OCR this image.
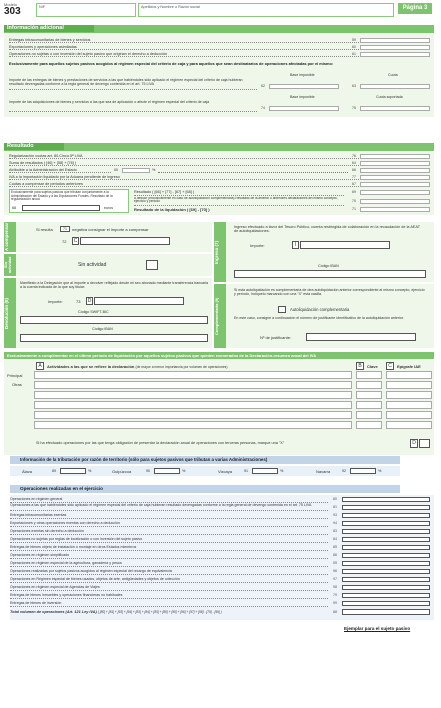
Modelo
303	NIF	Apellidos y Nombre o Razón social	Página 3
Información adicional
Entregas intracomunitarias de bienes y servicios	59
Exportaciones y operaciones asimiladas	60
Operaciones no sujetas o con inversión del sujeto pasivo que originan el derecho a deducción	61
Exclusivamente para aquellos sujetos pasivos acogidos al régimen especial del criterio de caja y para aquellos que sean destinatarios de operaciones afectadas por el mismo:
Base imponible	Cuota
Importe de las entregas de bienes y prestaciones de servicios a las que habiéndoles sido aplicado el régimen especial del criterio de caja hubieran resultado devengadas conforme a la regla general de devengo contenida en el art. 75 LIVA	62	63
Base imponible	Cuota soportada
Importe de las adquisiciones de bienes y servicios a las que sea de aplicación o afecte el régimen especial del criterio de caja
74	75
Resultado
Regularización cuotas art. 80.Cinco.5ª LIVA	76
Suma de resultados ( [46] + [58] + [76] )	64
Atribuible a la Administración del Estado	65	%	66
IVA a la importación liquidado por la Aduana pendiente de ingreso	77
Cuotas a compensar de periodos anteriores	67
Exclusivamente para sujetos pasivos que tributan conjuntamente a la Administración del Estado y a las Diputaciones Forales. Resultado de la regularización anual.
68	euros
Resultado ( [66] + [77] - [67] + [68] )	69
A deducir (exclusivamente en caso de autoliquidación complementaria) Resultado de la anterior o anteriores declaraciones del mismo concepto, ejercicio y período	70
Resultado de la liquidación ( [69] - [70] )	71
A compensar	Si resulta	71	negativa consignar el importe a compensar
72	C
Sin actividad	Sin actividad
Devolución (8)
Manifiesto a la Delegación que al importe a devolver reflejado desde mi seo abonado mediante transferencia bancaria a la cuenta indicada de la que soy titular:
Importe:	73	D
Código SWIFT-BIC
Código IBAN
Ingreso (7)
Ingreso efectuado a favor del Tesoro Público, cuenta restringida de colaboración en la recaudación de la AEAT de autoliquidaciones.
Importe:	I
Código IBAN
Complementaria (9)
Si esta autoliquidación es complementaria de otra autoliquidación anterior correspondiente al mismo concepto, ejercicio y período, indíquelo marcando con una "X" esta casilla.
Autoliquidación complementaria
En este caso, consigne a continuación el número de justificante identificativo de la autoliquidación anterior.
Nº de justificante:
Exclusivamente a cumplimentar en el último periodo de liquidación por aquellos sujetos pasivos que queden exonerados de la Declaración-resumen anual del IVA
A	Actividades a las que se refiere la declaración (de mayor a menor importancia por volumen de operaciones)	B	Clave	C	Epígrafe IAE
Principal
Otras
Si ha efectuado operaciones por las que tenga obligación de presentar la declaración anual de operaciones con terceras personas, marque una "X"	D
Información de la tributación por razón de territorio (sólo para sujetos pasivos que tributan a varias Administraciones)
Álava	89	%	Guipúzcoa	90	%	Vizcaya	91	%	Navarra	92	%
Operaciones realizadas en el ejercicio
Operaciones en régimen general	80
Operaciones a las que habiéndoles sido aplicado el régimen especial del criterio de caja hubieran resultado devengadas conforme a la regla general de devengo contenida en el art. 75 LIVA	81
Entregas intracomunitarias exentas	93
Exportaciones y otras operaciones exentas con derecho a deducción	94
Operaciones exentas sin derecho a deducción	83
Operaciones no sujetas por reglas de localización o con inversión del sujeto pasivo	84
Entregas de bienes objeto de instalación o montaje en otros Estados miembros	85
Operaciones en régimen simplificado	86
Operaciones en régimen especial de la agricultura, ganadería y pesca	95
Operaciones realizadas por sujetos pasivos acogidos al régimen especial del recargo de equivalencia	96
Operaciones en Régimen especial de bienes usados, objetos de arte, antigüedades y objetos de colección	97
Operaciones en régimen especial de Agencias de Viajes	98
Entregas de bienes inmuebles y operaciones financieras no habituales	79
Entregas de bienes de inversión	99
Total volumen de operaciones (Art. 121 Ley IVA) ( [80] + [81] + [93] + [94] + [83] + [84] + [85] + [86] + [95] + [96] + [97] + [98] - [79] - [99] )	88
Ejemplar para el sujeto pasivo
